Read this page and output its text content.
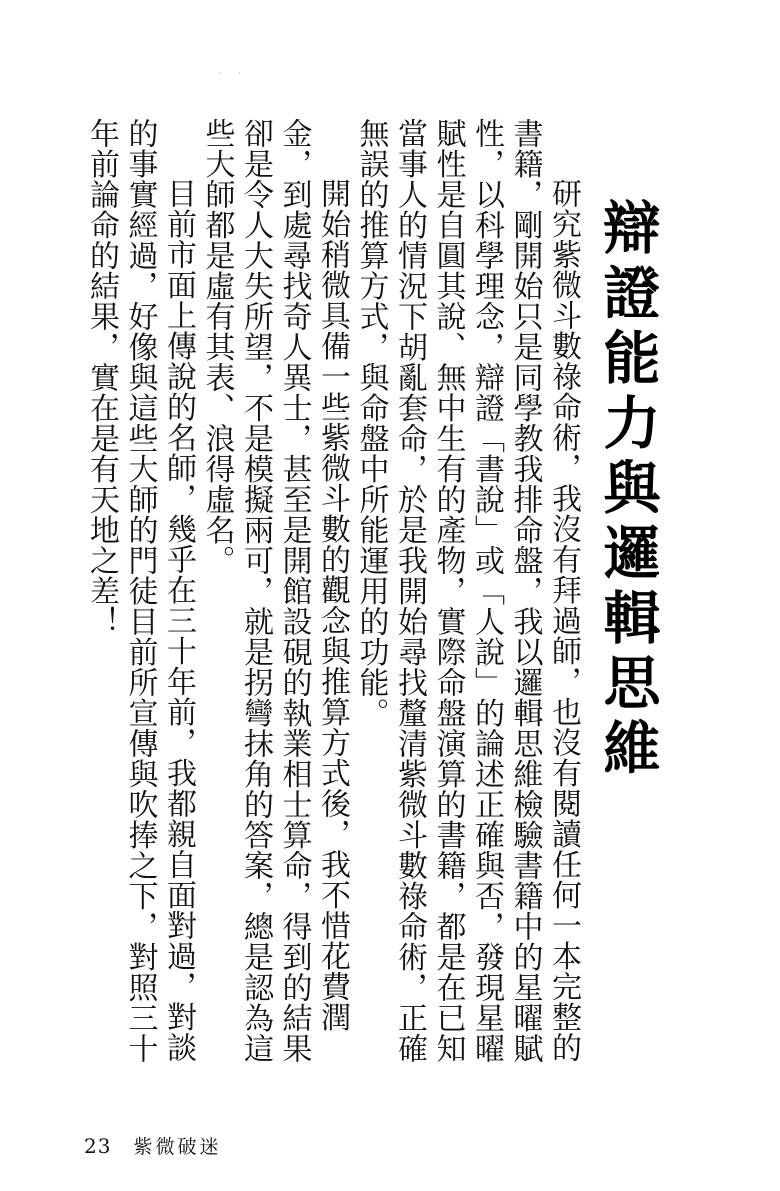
· ·
辯證能力與邏輯思維

研究紫微斗數祿命術，我沒有拜過師，也沒有閱讀任何一本完整的書籍，剛開始只是同學教我排命盤，我以邏輯思維檢驗書籍中的星曜賦性，以科學理念，辯證「書說」或「人說」的論述正確與否，發現星曜賦性是自圓其說、無中生有的產物，實際命盤演算的書籍，都是在已知當事人的情況下胡亂套命，於是我開始尋找釐清紫微斗數祿命術，正確無誤的推算方式，與命盤中所能運用的功能。

開始稍微具備一些紫微斗數的觀念與推算方式後，我不惜花費潤金，到處尋找奇人異士，甚至是開館設硯的執業相士算命，得到的結果卻是令人大失所望，不是模擬兩可，就是拐彎抹角的答案，總是認為這些大師都是虛有其表、浪得虛名。

目前市面上傳說的名師，幾乎在三十年前，我都親自面對過，對談的事實經過，好像與這些大師的門徒目前所宣傳與吹捧之下，對照三十年前論命的結果，實在是有天地之差！

23 紫微破迷
